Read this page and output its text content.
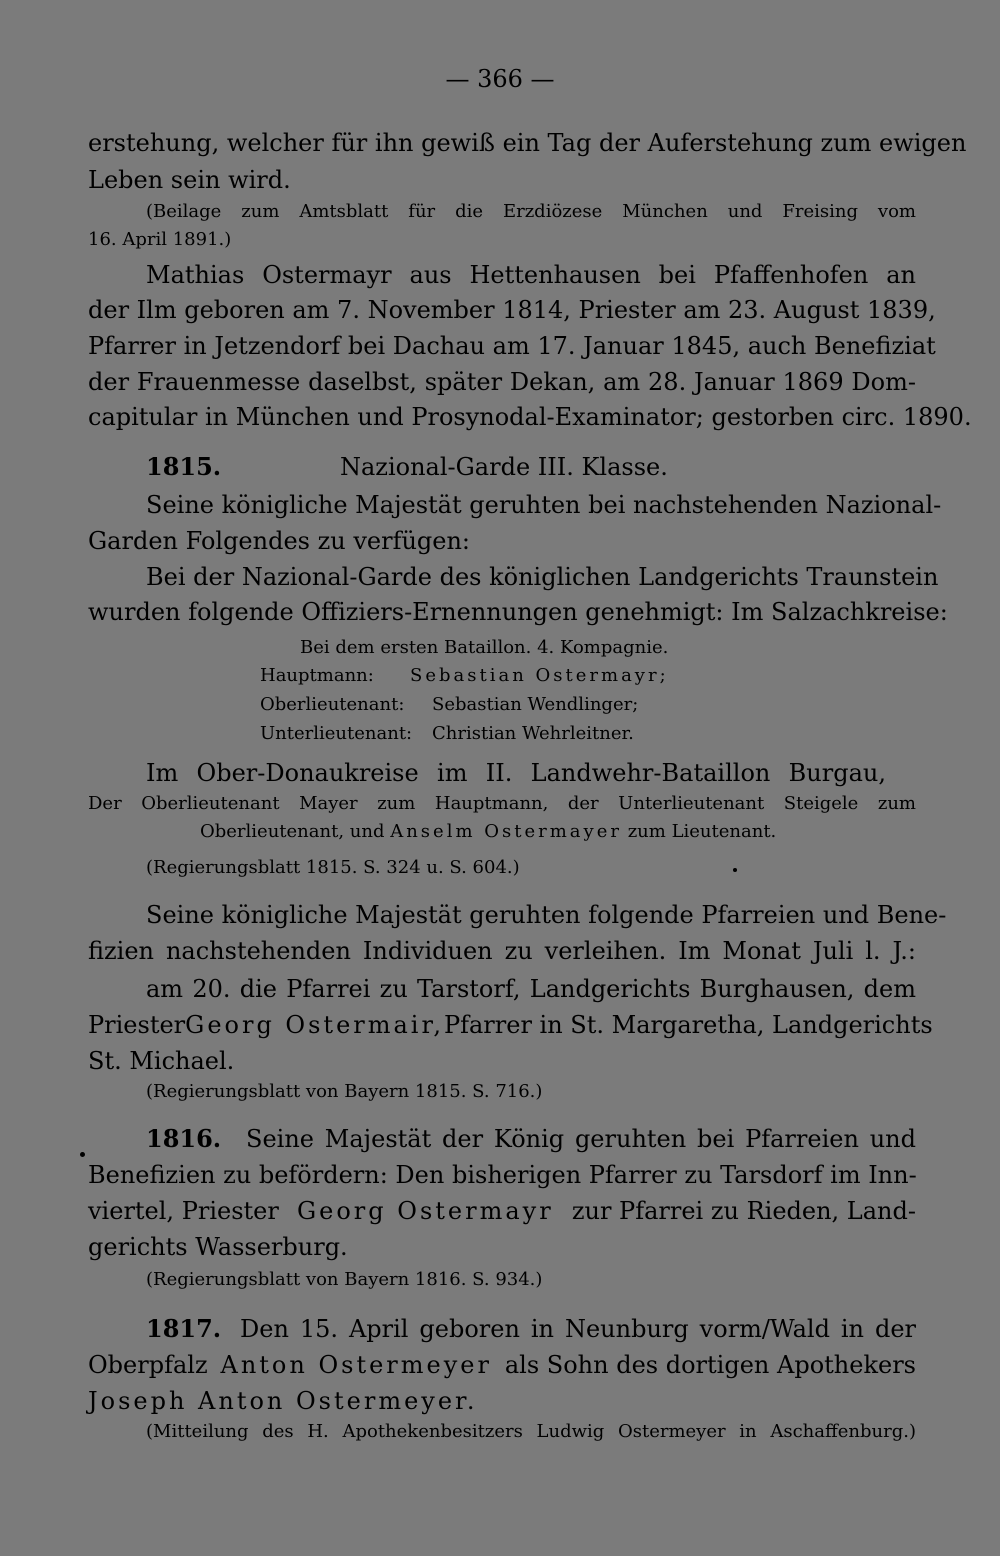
— 366 —
erstehung, welcher für ihn gewiß ein Tag der Auferstehung zum ewigen
Leben sein wird.
(Beilage zum Amtsblatt für die Erzdiözese München und Freising vom
16. April 1891.)
Mathias Ostermayr aus Hettenhausen bei Pfaffenhofen an
der Ilm geboren am 7. November 1814, Priester am 23. August 1839,
Pfarrer in Jetzendorf bei Dachau am 17. Januar 1845, auch Benefiziat
der Frauenmesse daselbst, später Dekan, am 28. Januar 1869 Dom-
capitular in München und Prosynodal-Examinator; gestorben circ. 1890.
1815.	Nazional-Garde III. Klasse.
Seine königliche Majestät geruhten bei nachstehenden Nazional-
Garden Folgendes zu verfügen:
Bei der Nazional-Garde des königlichen Landgerichts Traunstein
wurden folgende Offiziers-Ernennungen genehmigt: Im Salzachkreise:
Bei dem ersten Bataillon. 4. Kompagnie.
Hauptmann: Sebastian Ostermayr;
Oberlieutenant: Sebastian Wendlinger;
Unterlieutenant: Christian Wehrleitner.
Im Ober-Donaukreise im II. Landwehr-Bataillon Burgau,
Der Oberlieutenant Mayer zum Hauptmann, der Unterlieutenant Steigele zum
Oberlieutenant, und Anselm Ostermayer zum Lieutenant.
(Regierungsblatt 1815. S. 324 u. S. 604.)
Seine königliche Majestät geruhten folgende Pfarreien und Bene-
fizien nachstehenden Individuen zu verleihen. Im Monat Juli l. J.:
am 20. die Pfarrei zu Tarstorf, Landgerichts Burghausen, dem
Priester Georg Ostermair, Pfarrer in St. Margaretha, Landgerichts
St. Michael.
(Regierungsblatt von Bayern 1815. S. 716.)
1816. Seine Majestät der König geruhten bei Pfarreien und
Benefizien zu befördern: Den bisherigen Pfarrer zu Tarsdorf im Inn-
viertel, Priester Georg Ostermayr zur Pfarrei zu Rieden, Land-
gerichts Wasserburg.
(Regierungsblatt von Bayern 1816. S. 934.)
1817. Den 15. April geboren in Neunburg vorm/Wald in der
Oberpfalz Anton Ostermeyer als Sohn des dortigen Apothekers
Joseph Anton Ostermeyer.
(Mitteilung des H. Apothekenbesitzers Ludwig Ostermeyer in Aschaffenburg.)
